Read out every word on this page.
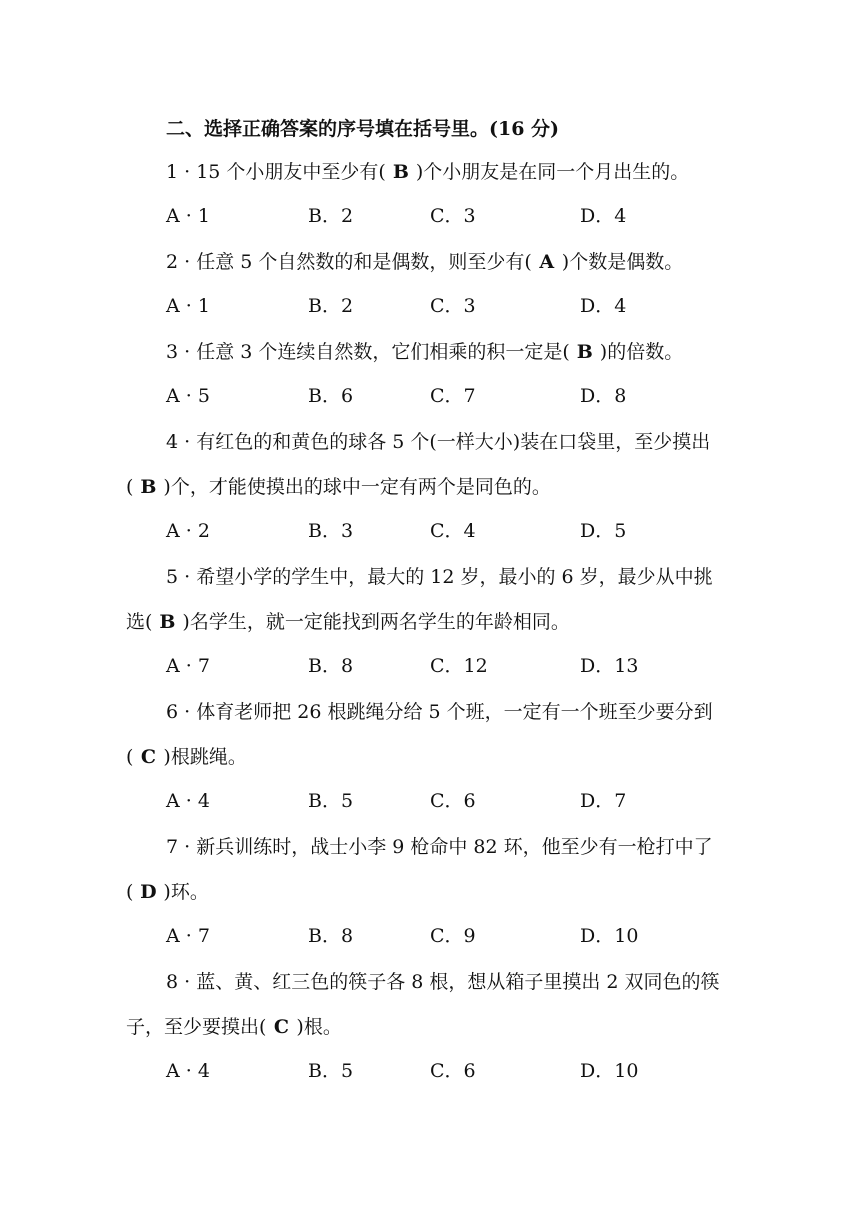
二、选择正确答案的序号填在括号里。(16 分)
1 · 15 个小朋友中至少有( B )个小朋友是在同一个月出生的。
A · 1	B．2	C．3	D．4
2 · 任意 5 个自然数的和是偶数，则至少有( A )个数是偶数。
A · 1	B．2	C．3	D．4
3 · 任意 3 个连续自然数，它们相乘的积一定是( B )的倍数。
A · 5	B．6	C．7	D．8
4 · 有红色的和黄色的球各 5 个(一样大小)装在口袋里，至少摸出
( B )个，才能使摸出的球中一定有两个是同色的。
A · 2	B．3	C．4	D．5
5 · 希望小学的学生中，最大的 12 岁，最小的 6 岁，最少从中挑
选( B )名学生，就一定能找到两名学生的年龄相同。
A · 7	B．8	C．12	D．13
6 · 体育老师把 26 根跳绳分给 5 个班，一定有一个班至少要分到
( C )根跳绳。
A · 4	B．5	C．6	D．7
7 · 新兵训练时，战士小李 9 枪命中 82 环，他至少有一枪打中了
( D )环。
A · 7	B．8	C．9	D．10
8 · 蓝、黄、红三色的筷子各 8 根，想从箱子里摸出 2 双同色的筷
子，至少要摸出( C )根。
A · 4	B．5	C．6	D．10
